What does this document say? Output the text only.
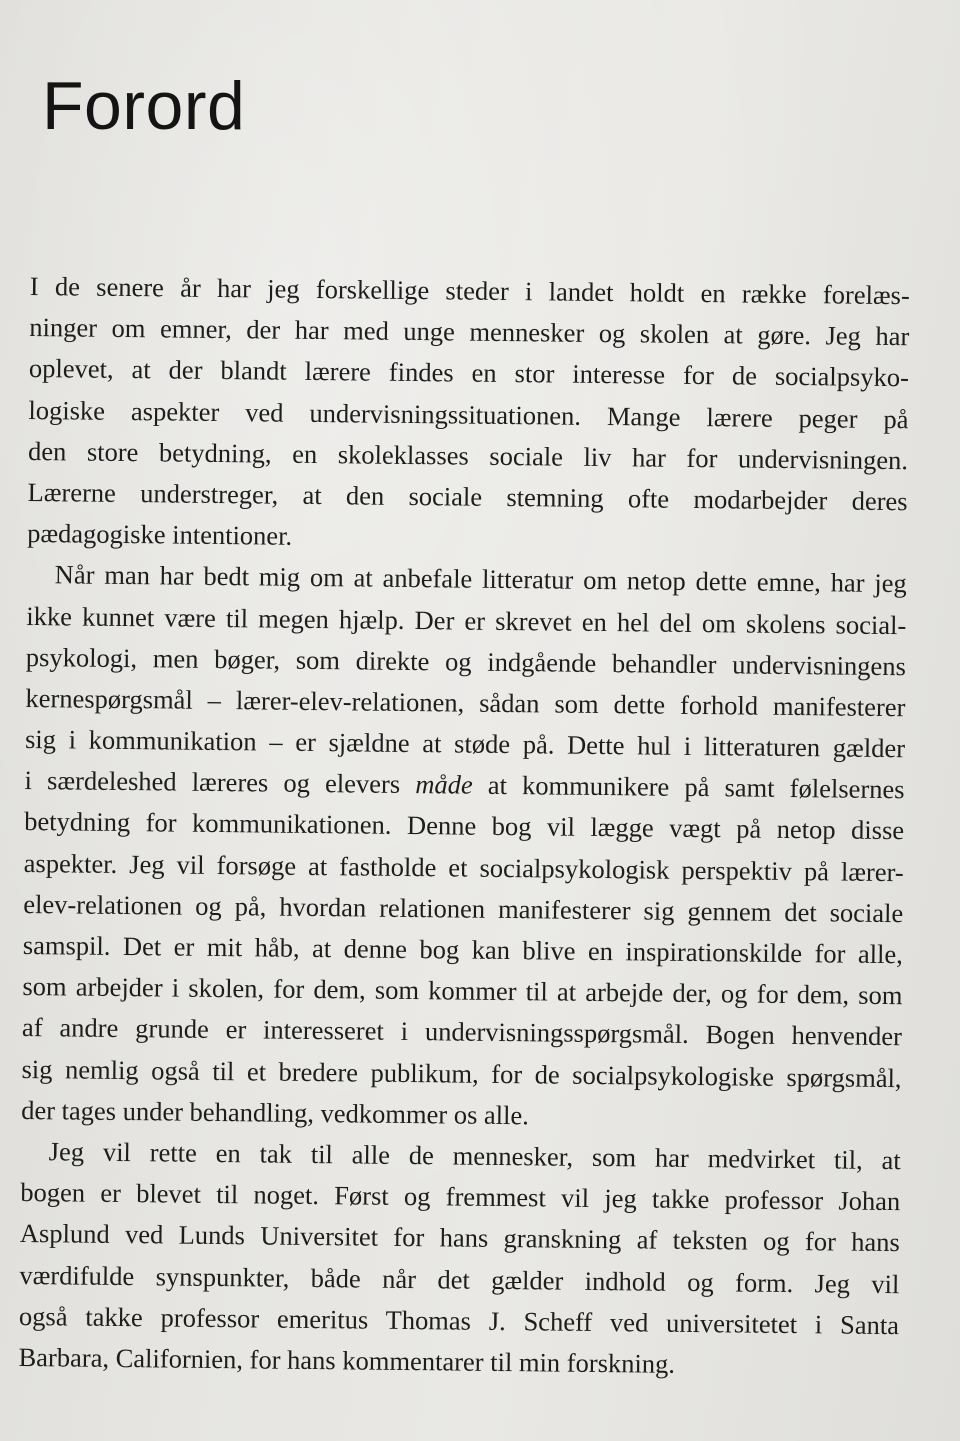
Forord
I de senere år har jeg forskellige steder i landet holdt en række forelæs-
ninger om emner, der har med unge mennesker og skolen at gøre. Jeg har
oplevet, at der blandt lærere findes en stor interesse for de socialpsyko-
logiske aspekter ved undervisningssituationen. Mange lærere peger på
den store betydning, en skoleklasses sociale liv har for undervisningen.
Lærerne understreger, at den sociale stemning ofte modarbejder deres
pædagogiske intentioner.
Når man har bedt mig om at anbefale litteratur om netop dette emne, har jeg
ikke kunnet være til megen hjælp. Der er skrevet en hel del om skolens social-
psykologi, men bøger, som direkte og indgående behandler undervisningens
kernespørgsmål – lærer-elev-relationen, sådan som dette forhold manifesterer
sig i kommunikation – er sjældne at støde på. Dette hul i litteraturen gælder
i særdeleshed læreres og elevers måde at kommunikere på samt følelsernes
betydning for kommunikationen. Denne bog vil lægge vægt på netop disse
aspekter. Jeg vil forsøge at fastholde et socialpsykologisk perspektiv på lærer-
elev-relationen og på, hvordan relationen manifesterer sig gennem det sociale
samspil. Det er mit håb, at denne bog kan blive en inspirationskilde for alle,
som arbejder i skolen, for dem, som kommer til at arbejde der, og for dem, som
af andre grunde er interesseret i undervisningsspørgsmål. Bogen henvender
sig nemlig også til et bredere publikum, for de socialpsykologiske spørgsmål,
der tages under behandling, vedkommer os alle.
Jeg vil rette en tak til alle de mennesker, som har medvirket til, at
bogen er blevet til noget. Først og fremmest vil jeg takke professor Johan
Asplund ved Lunds Universitet for hans granskning af teksten og for hans
værdifulde synspunkter, både når det gælder indhold og form. Jeg vil
også takke professor emeritus Thomas J. Scheff ved universitetet i Santa
Barbara, Californien, for hans kommentarer til min forskning.
